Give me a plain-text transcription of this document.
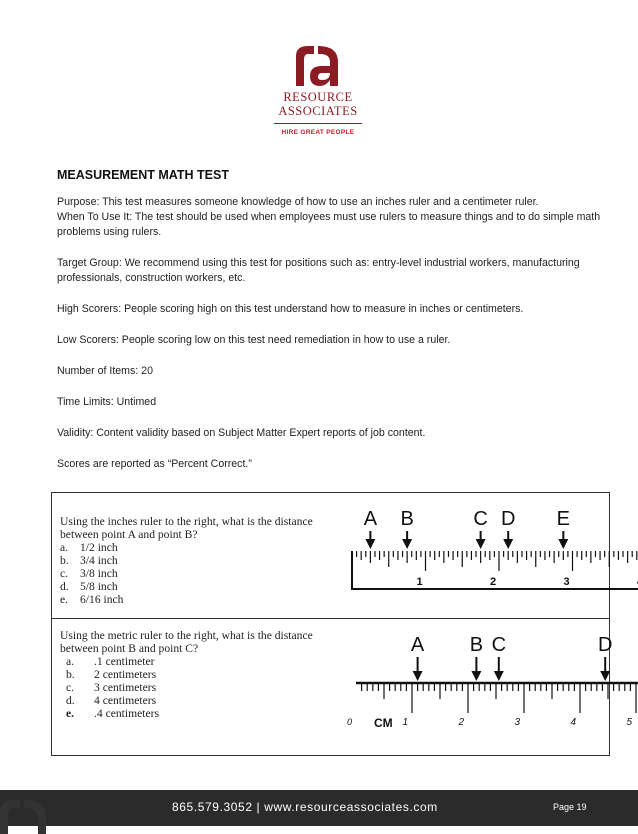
RESOURCE
ASSOCIATES
HIRE GREAT PEOPLE
MEASUREMENT MATH TEST

Purpose: This test measures someone knowledge of how to use an inches ruler and a centimeter ruler.
When To Use It: The test should be used when employees must use rulers to measure things and to do simple math problems using rulers.

Target Group: We recommend using this test for positions such as: entry-level industrial workers, manufacturing professionals, construction workers, etc.

High Scorers: People scoring high on this test understand how to measure in inches or centimeters.

Low Scorers: People scoring low on this test need remediation in how to use a ruler.

Number of Items: 20

Time Limits: Untimed

Validity: Content validity based on Subject Matter Expert reports of job content.

Scores are reported as “Percent Correct.”

Using the inches ruler to the right, what is the distance between point A and point B?
a.	1/2 inch
b. 3/4 inch
c.	3/8 inch
d. 5/8 inch
e.	6/16 inch
1	2	3
A B	C D E
Using the metric ruler to the right, what is the distance between point B and point C?
a.	.1 centimeter
b.	2 centimeters
c.	3 centimeters
d.	4 centimeters
e.	.4 centimeters
0	1	2	3	4	5
CM
A B C	D
865.579.3052 | www.resourceassociates.com	Page 19
